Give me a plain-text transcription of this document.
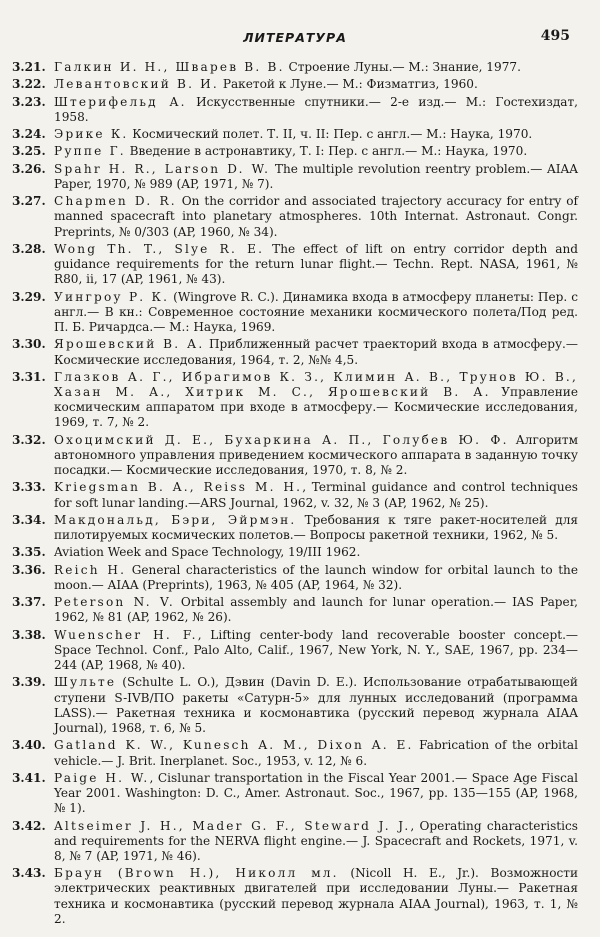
ЛИТЕРАТУРА	495
3.21. Галкин И. Н., Шварев В. В. Строение Луны.— М.: Знание, 1977.
3.22. Левантовский В. И. Ракетой к Луне.— М.: Физматгиз, 1960.
3.23. Штерифельд А. Искусственные спутники.— 2-е изд.— М.: Гостехиздат, 1958.
3.24. Эрике К. Космический полет. Т. II, ч. II: Пер. с англ.— М.: Наука, 1970.
3.25. Руппе Г. Введение в астронавтику, Т. I: Пер. с англ.— М.: Наука, 1970.
3.26. Spahr H. R., Larson D. W. The multiple revolution reentry problem.— AIAA Paper, 1970, № 989 (AP, 1971, № 7).
3.27. Chapmen D. R. On the corridor and associated trajectory accuracy for entry of manned spacecraft into planetary atmospheres. 10th Internat. Astronaut. Congr. Preprints, № 0/303 (AP, 1960, № 34).
3.28. Wong Th. T., Slye R. E. The effect of lift on entry corridor depth and guidance requirements for the return lunar flight.— Techn. Rept. NASA, 1961, № R80, ii, 17 (AP, 1961, № 43).
3.29. Уингроу Р. К. (Wingrove R. C.). Динамика входа в атмосферу планеты: Пер. с англ.— В кн.: Современное состояние механики космического полета/Под ред. П. Б. Ричардса.— М.: Наука, 1969.
3.30. Ярошевский В. А. Приближенный расчет траекторий входа в атмосферу.— Космические исследования, 1964, т. 2, №№ 4,5.
3.31. Глазков А. Г., Ибрагимов К. З., Климин А. В., Трунов Ю. В., Хазан М. А., Хитрик М. С., Ярошевский В. А. Управление космическим аппаратом при входе в атмосферу.— Космические исследования, 1969, т. 7, № 2.
3.32. Охоцимский Д. Е., Бухаркина А. П., Голубев Ю. Ф. Алгоритм автономного управления приведением космического аппарата в заданную точку посадки.— Космические исследования, 1970, т. 8, № 2.
3.33. Kriegsman B. A., Reiss M. H., Terminal guidance and control techniques for soft lunar landing.—ARS Journal, 1962, v. 32, № 3 (AP, 1962, № 25).
3.34. Макдональд, Бэри, Эйрмэн. Требования к тяге ракет-носителей для пилотируемых космических полетов.— Вопросы ракетной техники, 1962, № 5.
3.35. Aviation Week and Space Technology, 19/III 1962.
3.36. Reich H. General characteristics of the launch window for orbital launch to the moon.— AIAA (Preprints), 1963, № 405 (AP, 1964, № 32).
3.37. Peterson N. V. Orbital assembly and launch for lunar operation.— IAS Paper, 1962, № 81 (AP, 1962, № 26).
3.38. Wuenscher H. F., Lifting center-body land recoverable booster concept.— Space Technol. Conf., Palo Alto, Calif., 1967, New York, N. Y., SAE, 1967, pp. 234—244 (AP, 1968, № 40).
3.39. Шульте (Schulte L. O.), Дэвин (Davin D. E.). Использование отрабатывающей ступени S-IVB/ПО ракеты «Сатурн-5» для лунных исследований (программа LASS).— Ракетная техника и космонавтика (русский перевод журнала AIAA Journal), 1968, т. 6, № 5.
3.40. Gatland K. W., Kunesch A. M., Dixon A. E. Fabrication of the orbital vehicle.— J. Brit. Inerplanet. Soc., 1953, v. 12, № 6.
3.41. Paige H. W., Cislunar transportation in the Fiscal Year 2001.— Space Age Fiscal Year 2001. Washington: D. C., Amer. Astronaut. Soc., 1967, pp. 135—155 (AP, 1968, № 1).
3.42. Altseimer J. H., Mader G. F., Steward J. J., Operating characteristics and requirements for the NERVA flight engine.— J. Spacecraft and Rockets, 1971, v. 8, № 7 (AP, 1971, № 46).
3.43. Браун (Brown H.), Николл мл. (Nicoll H. E., Jr.). Возможности электрических реактивных двигателей при исследовании Луны.— Ракетная техника и космонавтика (русский перевод журнала AIAA Journal), 1963, т. 1, № 2.
